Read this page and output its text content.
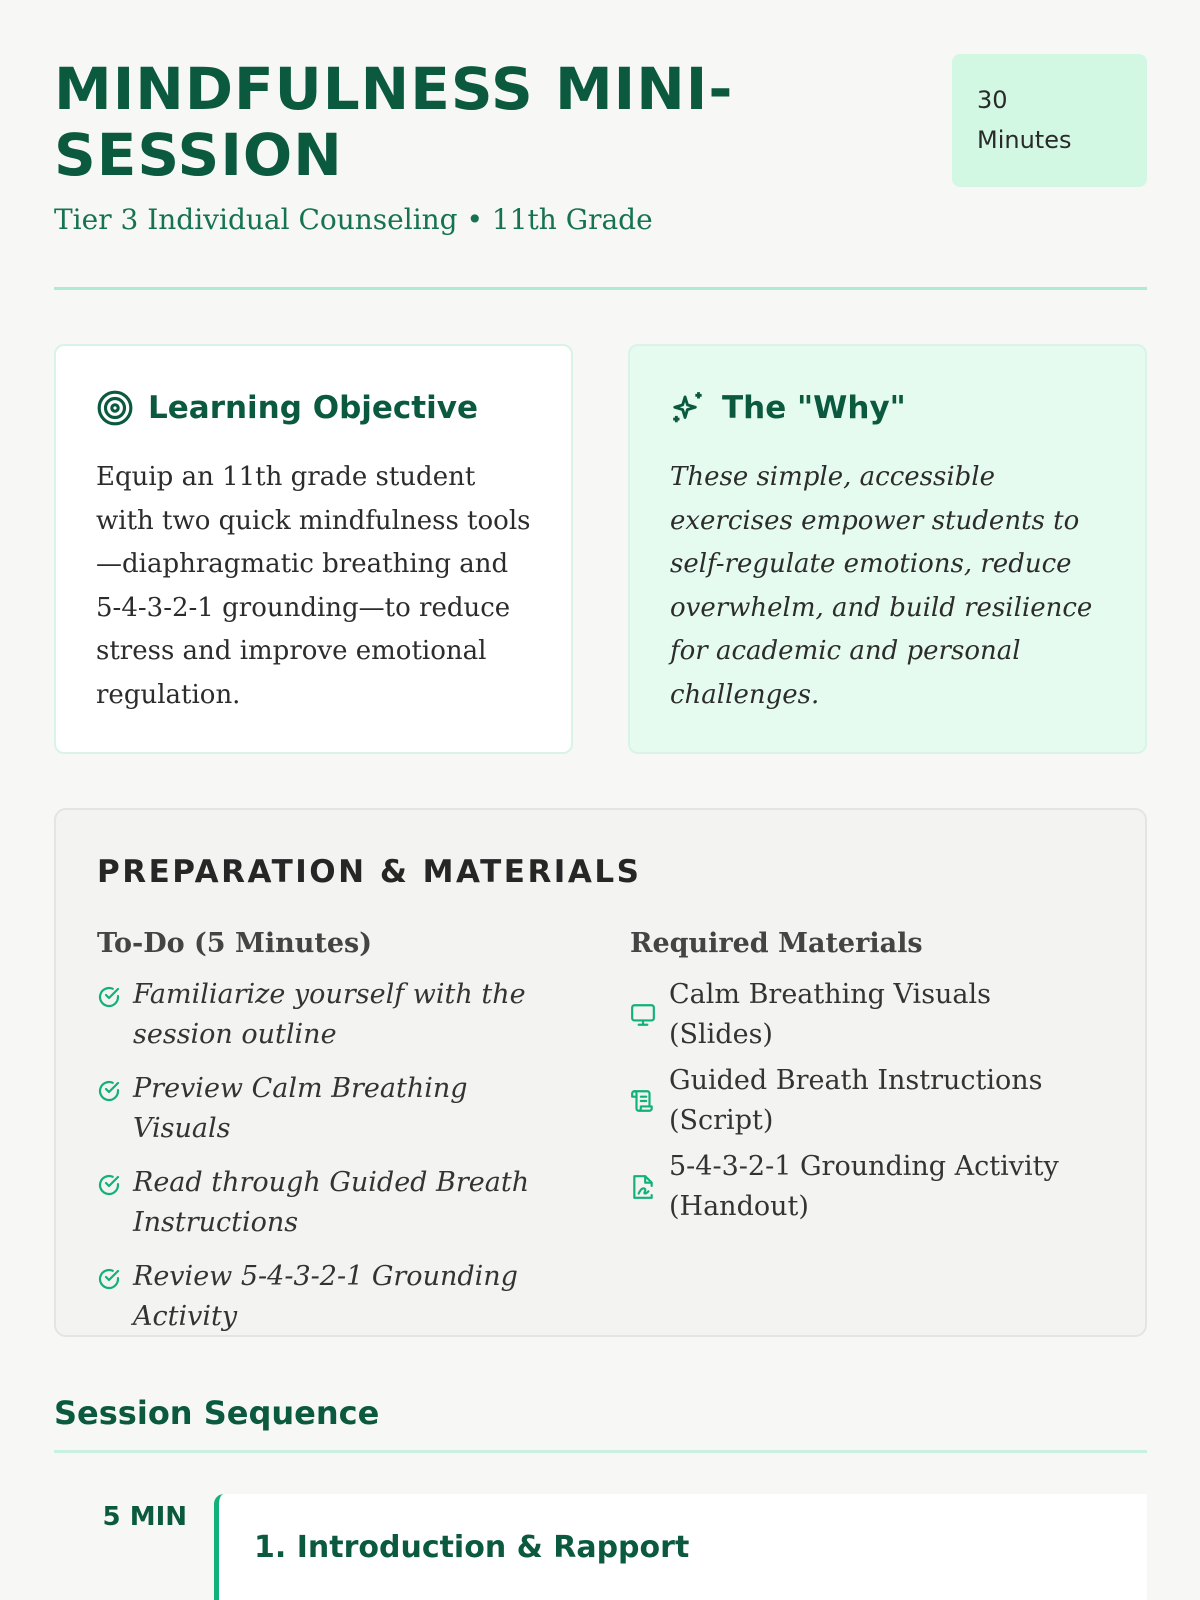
MINDFULNESS MINI-SESSION
Tier 3 Individual Counseling • 11th Grade
30
Minutes
Learning Objective

Equip an 11th grade student with two quick mindfulness tools—diaphragmatic breathing and 5-4-3-2-1 grounding—to reduce stress and improve emotional regulation.

The "Why"

These simple, accessible exercises empower students to self-regulate emotions, reduce overwhelm, and build resilience for academic and personal challenges.

PREPARATION & MATERIALS
To-Do (5 Minutes)
Familiarize yourself with the session outline
Preview Calm Breathing Visuals
Read through Guided Breath Instructions
Review 5-4-3-2-1 Grounding Activity
Required Materials
Calm Breathing Visuals (Slides)
Guided Breath Instructions (Script)
5-4-3-2-1 Grounding Activity (Handout)
Session Sequence
5 MIN
1. Introduction & Rapport
